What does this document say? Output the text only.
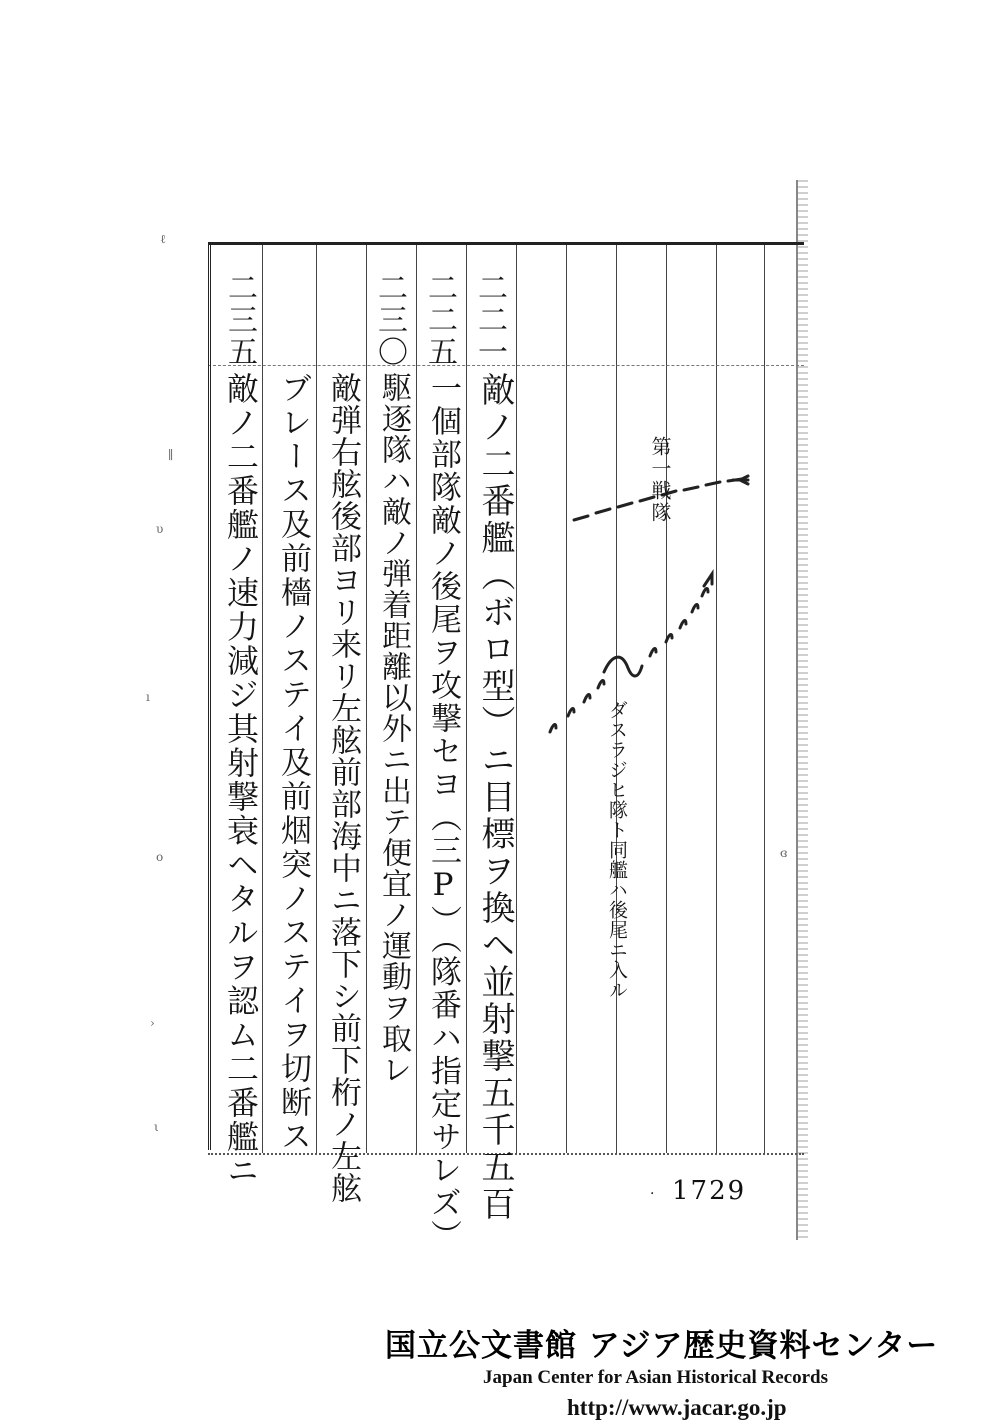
二二一
二二五
二三〇
二三五
敵ノ二番艦（ボロ型）ニ目標ヲ換ヘ並射撃五千五百
一個部隊敵ノ後尾ヲ攻撃セヨ（三P）（隊番ハ指定サレズ）
駆逐隊ハ敵ノ弾着距離以外ニ出テ便宜ノ運動ヲ取レ
敵弾右舷後部ヨリ来リ左舷前部海中ニ落下シ前下桁ノ左舷
ブレース及前檣ノステイ及前烟突ノステイヲ切断ス
敵ノ二番艦ノ速力減ジ其射撃衰ヘタルヲ認ム二番艦ニ	第一戦隊
ダスラジヒ隊ト同艦ハ後尾ニ入ル
ℓ
∥
υ
ı
ο
›
ι
ɞ
· 1729
国立公文書館 アジア歴史資料センター
Japan Center for Asian Historical Records
http://www.jacar.go.jp
